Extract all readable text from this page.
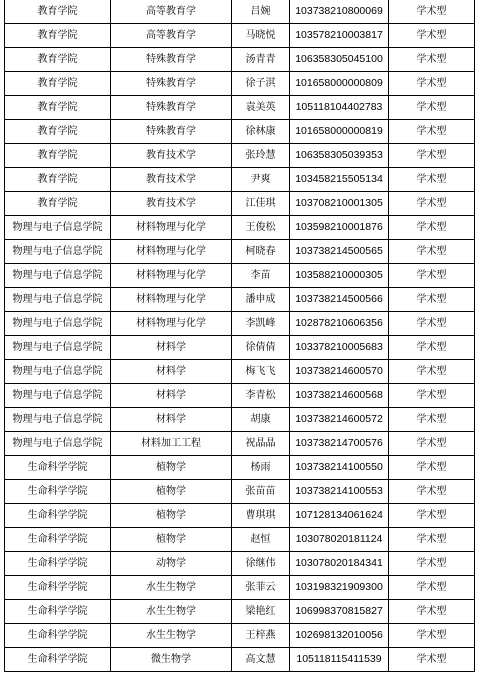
教育学院	高等教育学	吕婉	103738210800069	学术型
教育学院	高等教育学	马晓悦	103578210003817	学术型
教育学院	特殊教育学	汤青青	106358305045100	学术型
教育学院	特殊教育学	徐子淇	101658000000809	学术型
教育学院	特殊教育学	袁美英	105118104402783	学术型
教育学院	特殊教育学	徐林康	101658000000819	学术型
教育学院	教育技术学	张玲慧	106358305039353	学术型
教育学院	教育技术学	尹爽	103458215505134	学术型
教育学院	教育技术学	江佳琪	103708210001305	学术型
物理与电子信息学院	材料物理与化学	王俊松	103598210001876	学术型
物理与电子信息学院	材料物理与化学	柯晓春	103738214500565	学术型
物理与电子信息学院	材料物理与化学	李苗	103588210000305	学术型
物理与电子信息学院	材料物理与化学	潘申成	103738214500566	学术型
物理与电子信息学院	材料物理与化学	李凯峰	102878210606356	学术型
物理与电子信息学院	材料学	徐倩倩	103378210005683	学术型
物理与电子信息学院	材料学	梅飞飞	103738214600570	学术型
物理与电子信息学院	材料学	李青松	103738214600568	学术型
物理与电子信息学院	材料学	胡康	103738214600572	学术型
物理与电子信息学院	材料加工工程	祝晶晶	103738214700576	学术型
生命科学学院	植物学	杨雨	103738214100550	学术型
生命科学学院	植物学	张苗苗	103738214100553	学术型
生命科学学院	植物学	曹琪琪	107128134061624	学术型
生命科学学院	植物学	赵恒	103078020181124	学术型
生命科学学院	动物学	徐继伟	103078020184341	学术型
生命科学学院	水生生物学	张菲云	103198321909300	学术型
生命科学学院	水生生物学	梁艳红	106998370815827	学术型
生命科学学院	水生生物学	王梓燕	102698132010056	学术型
生命科学学院	微生物学	高文慧	105118115411539	学术型
